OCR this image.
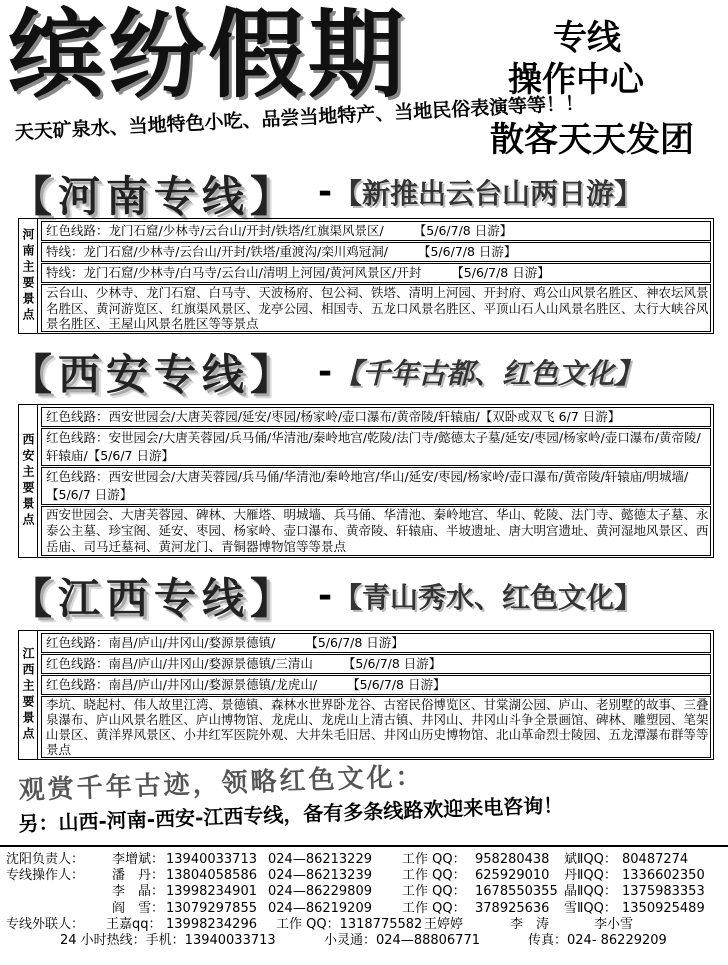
缤纷假期	专线
操作中心
天天矿泉水、当地特色小吃、品尝当地特产、当地民俗表演等等！！
散客天天发团
【河南专线】 - 【新推出云台山两日游】
河南主要景点 红色线路：龙门石窟/少林寺/云台山/开封/铁塔/红旗渠风景区/ 【5/6/7/8 日游】
特线：龙门石窟/少林寺/云台山/开封/铁塔/重渡沟/栾川鸡冠洞/ 【5/6/7/8 日游】
特线：龙门石窟/少林寺/白马寺/云台山/清明上河园/黄河风景区/开封 【5/6/7/8 日游】
云台山、少林寺、龙门石窟、白马寺、天波杨府、包公祠、铁塔、清明上河园、开封府、鸡公山风景名胜区、神农坛风景名胜区、黄河游览区、红旗渠风景区、龙亭公园、相国寺、五龙口风景名胜区、平顶山石人山风景名胜区、太行大峡谷风景名胜区、王屋山风景名胜区等等景点
【西安专线】 - 【千年古都、红色文化】
西安主要景点
红色线路：西安世园会/大唐芙蓉园/延安/枣园/杨家岭/壶口瀑布/黄帝陵/轩辕庙/【双卧或双飞 6/7 日游】
红色线路：安世园会/大唐芙蓉园/兵马俑/华清池/秦岭地宫/乾陵/法门寺/懿德太子墓/延安/枣园/杨家岭/壶口瀑布/黄帝陵/轩辕庙/【5/6/7 日游】
红色线路：西安世园会/大唐芙蓉园/兵马俑/华清池/秦岭地宫/华山/延安/枣园/杨家岭/壶口瀑布/黄帝陵/轩辕庙/明城墙/【5/6/7 日游】
西安世园会、大唐芙蓉园、碑林、大雁塔、明城墙、兵马俑、华清池、秦岭地宫、华山、乾陵、法门寺、懿德太子墓、永泰公主墓、珍宝阁、延安、枣园、杨家岭、壶口瀑布、黄帝陵、轩辕庙、半坡遗址、唐大明宫遗址、黄河湿地风景区、西岳庙、司马迁墓祠、黄河龙门、青铜器博物馆等等景点
【江西专线】 - 【青山秀水、红色文化】
江西主要景点
红色线路：南昌/庐山/井冈山/婺源景德镇/ 【5/6/7/8 日游】
红色线路：南昌/庐山/井冈山/婺源景德镇/三清山 【5/6/7/8 日游】
红色线路：南昌/庐山/井冈山/婺源景德镇/龙虎山/ 【5/6/7/8 日游】
李坑、晓起村、伟人故里江湾、景德镇、森林水世界卧龙谷、古窑民俗博览区、甘棠湖公园、庐山、老别墅的故事、三叠泉瀑布、庐山风景名胜区、庐山博物馆、龙虎山、龙虎山上清古镇、井冈山、井冈山斗争全景画馆、碑林、雕塑园、笔架山景区、黄洋界风景区、小井红军医院外观、大井朱毛旧居、井冈山历史博物馆、北山革命烈士陵园、五龙潭瀑布群等等景点
观赏千年古迹，领略红色文化：
另：山西-河南-西安-江西专线，备有多条线路欢迎来电咨询！
沈阳负责人： 李增斌： 13940033713 024—86213229 工作 QQ： 958280438 斌ⅡQQ： 80487274
专线操作人： 潘　丹： 13804058586 024—86213239 工作 QQ： 625929010 丹ⅡQQ： 1336602350
李　晶： 13998234901 024—86229809 工作 QQ： 1678550355 晶ⅡQQ： 1375983353
阎　雪： 13079297855 024—86219209 工作 QQ： 378925636 雪ⅡQQ： 1350925489
专线外联人： 王嘉qq： 13998234296 工作 QQ：1318775582 王婷婷	李　涛	李小雪
24 小时热线：手机：13940033713	小灵通：024—88806771	传真：024- 86229209
